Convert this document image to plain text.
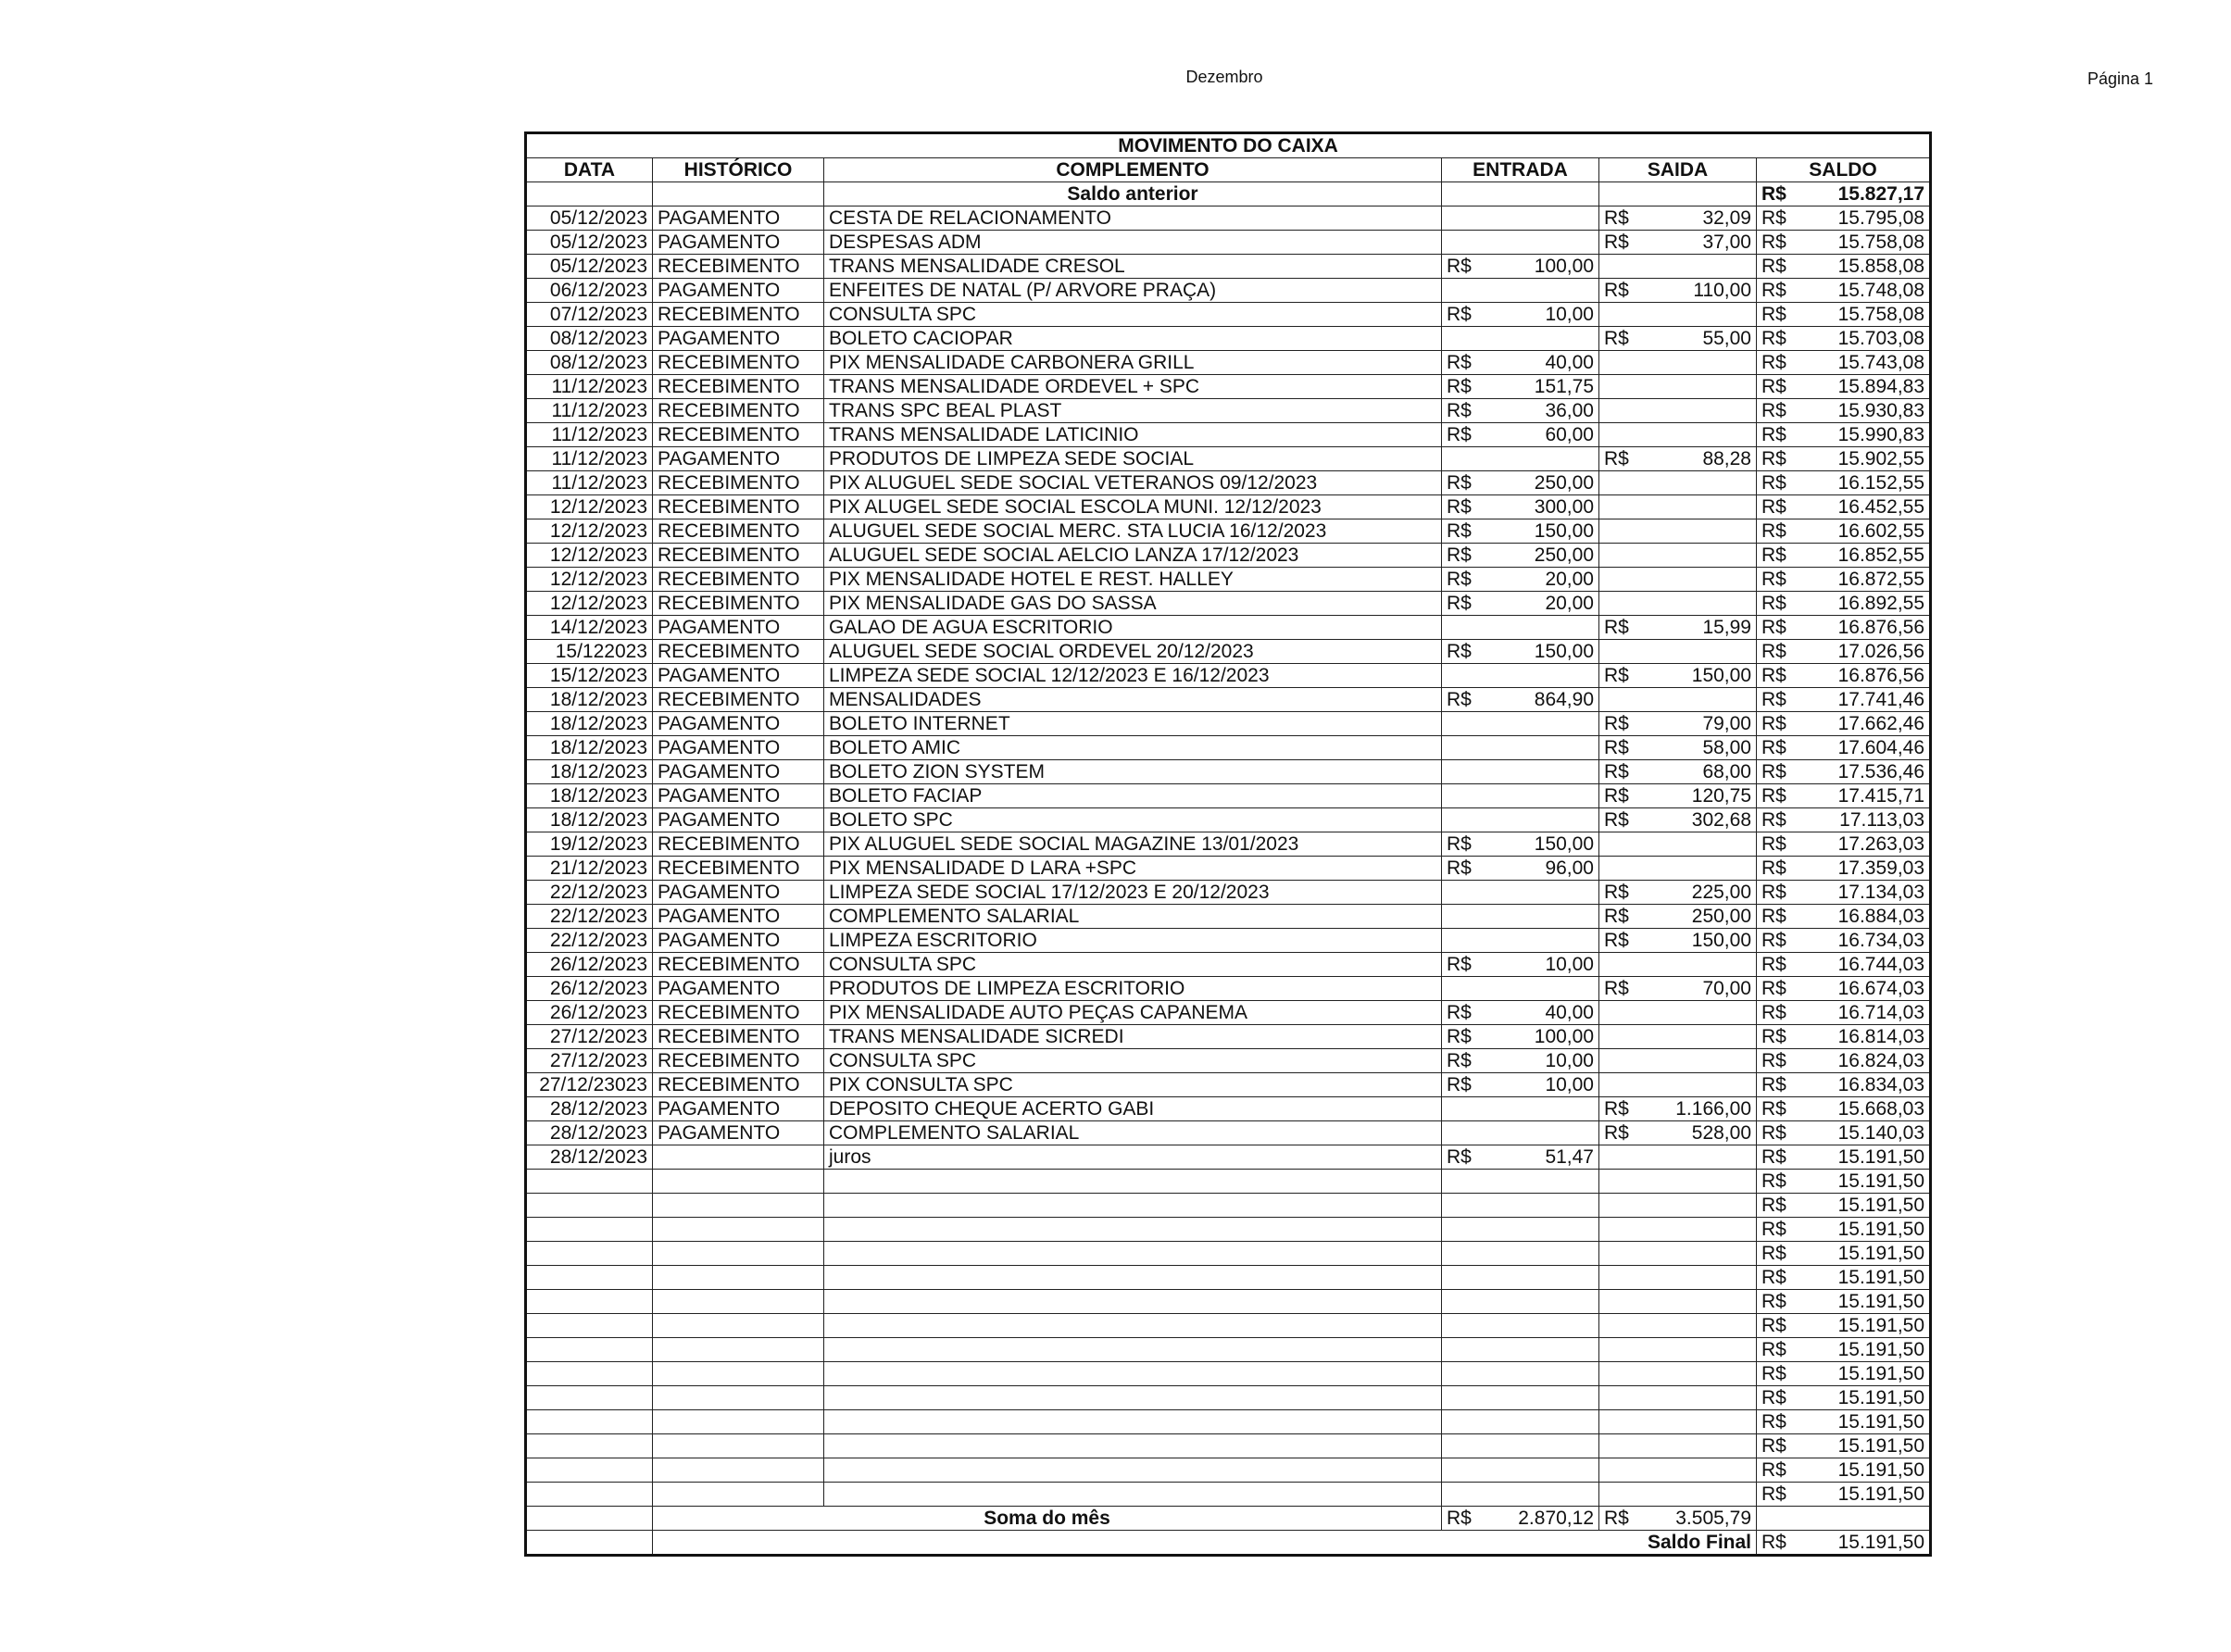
Dezembro	Página 1
MOVIMENTO DO CAIXA					
DATA	HISTÓRICO	COMPLEMENTO	ENTRADA	SAIDA	SALDO
		Saldo anterior			R$ 15.827,17

05/12/2023	PAGAMENTO	CESTA DE RELACIONAMENTO		R$ 32,09	R$ 15.795,08

05/12/2023	PAGAMENTO	DESPESAS ADM		R$ 37,00	R$ 15.758,08

05/12/2023	RECEBIMENTO	TRANS MENSALIDADE CRESOL	R$ 100,00		R$ 15.858,08

06/12/2023	PAGAMENTO	ENFEITES DE NATAL (P/ ARVORE PRAÇA)		R$ 110,00	R$ 15.748,08

07/12/2023	RECEBIMENTO	CONSULTA SPC	R$ 10,00		R$ 15.758,08

08/12/2023	PAGAMENTO	BOLETO CACIOPAR		R$ 55,00	R$ 15.703,08

08/12/2023	RECEBIMENTO	PIX MENSALIDADE CARBONERA GRILL	R$ 40,00		R$ 15.743,08

11/12/2023	RECEBIMENTO	TRANS MENSALIDADE ORDEVEL + SPC	R$ 151,75		R$ 15.894,83

11/12/2023	RECEBIMENTO	TRANS SPC BEAL PLAST	R$ 36,00		R$ 15.930,83

11/12/2023	RECEBIMENTO	TRANS MENSALIDADE LATICINIO	R$ 60,00		R$ 15.990,83

11/12/2023	PAGAMENTO	PRODUTOS DE LIMPEZA SEDE SOCIAL		R$ 88,28	R$ 15.902,55

11/12/2023	RECEBIMENTO	PIX ALUGUEL SEDE SOCIAL VETERANOS 09/12/2023	R$ 250,00		R$ 16.152,55

12/12/2023	RECEBIMENTO	PIX ALUGEL SEDE SOCIAL ESCOLA MUNI. 12/12/2023	R$ 300,00		R$ 16.452,55

12/12/2023	RECEBIMENTO	ALUGUEL SEDE SOCIAL MERC. STA LUCIA 16/12/2023	R$ 150,00		R$ 16.602,55

12/12/2023	RECEBIMENTO	ALUGUEL SEDE SOCIAL AELCIO LANZA 17/12/2023	R$ 250,00		R$ 16.852,55

12/12/2023	RECEBIMENTO	PIX MENSALIDADE HOTEL E REST. HALLEY	R$ 20,00		R$ 16.872,55

12/12/2023	RECEBIMENTO	PIX MENSALIDADE GAS DO SASSA	R$ 20,00		R$ 16.892,55

14/12/2023	PAGAMENTO	GALAO DE AGUA ESCRITORIO		R$ 15,99	R$ 16.876,56

15/122023	RECEBIMENTO	ALUGUEL SEDE SOCIAL ORDEVEL 20/12/2023	R$ 150,00		R$ 17.026,56

15/12/2023	PAGAMENTO	LIMPEZA SEDE SOCIAL 12/12/2023 E 16/12/2023		R$ 150,00	R$ 16.876,56

18/12/2023	RECEBIMENTO	MENSALIDADES	R$ 864,90		R$ 17.741,46

18/12/2023	PAGAMENTO	BOLETO INTERNET		R$ 79,00	R$ 17.662,46

18/12/2023	PAGAMENTO	BOLETO AMIC		R$ 58,00	R$ 17.604,46

18/12/2023	PAGAMENTO	BOLETO ZION SYSTEM		R$ 68,00	R$ 17.536,46

18/12/2023	PAGAMENTO	BOLETO FACIAP		R$ 120,75	R$ 17.415,71

18/12/2023	PAGAMENTO	BOLETO SPC		R$ 302,68	R$ 17.113,03

19/12/2023	RECEBIMENTO	PIX ALUGUEL SEDE SOCIAL MAGAZINE 13/01/2023	R$ 150,00		R$ 17.263,03

21/12/2023	RECEBIMENTO	PIX MENSALIDADE D LARA +SPC	R$ 96,00		R$ 17.359,03

22/12/2023	PAGAMENTO	LIMPEZA SEDE SOCIAL 17/12/2023 E 20/12/2023		R$ 225,00	R$ 17.134,03

22/12/2023	PAGAMENTO	COMPLEMENTO SALARIAL		R$ 250,00	R$ 16.884,03

22/12/2023	PAGAMENTO	LIMPEZA ESCRITORIO		R$ 150,00	R$ 16.734,03

26/12/2023	RECEBIMENTO	CONSULTA SPC	R$ 10,00		R$ 16.744,03

26/12/2023	PAGAMENTO	PRODUTOS DE LIMPEZA ESCRITORIO		R$ 70,00	R$ 16.674,03

26/12/2023	RECEBIMENTO	PIX MENSALIDADE AUTO PEÇAS CAPANEMA	R$ 40,00		R$ 16.714,03

27/12/2023	RECEBIMENTO	TRANS MENSALIDADE SICREDI	R$ 100,00		R$ 16.814,03

27/12/2023	RECEBIMENTO	CONSULTA SPC	R$ 10,00		R$ 16.824,03

27/12/23023	RECEBIMENTO	PIX CONSULTA SPC	R$ 10,00		R$ 16.834,03

28/12/2023	PAGAMENTO	DEPOSITO CHEQUE ACERTO GABI		R$ 1.166,00	R$ 15.668,03

28/12/2023	PAGAMENTO	COMPLEMENTO SALARIAL		R$ 528,00	R$ 15.140,03

28/12/2023		juros	R$ 51,47		R$ 15.191,50

					R$ 15.191,50

					R$ 15.191,50

					R$ 15.191,50

					R$ 15.191,50

					R$ 15.191,50

					R$ 15.191,50

					R$ 15.191,50

					R$ 15.191,50

					R$ 15.191,50

					R$ 15.191,50

					R$ 15.191,50

					R$ 15.191,50

					R$ 15.191,50

					R$ 15.191,50

	Soma do mês		R$ 2.870,12	R$ 3.505,79	

	Saldo Final				R$ 15.191,50
